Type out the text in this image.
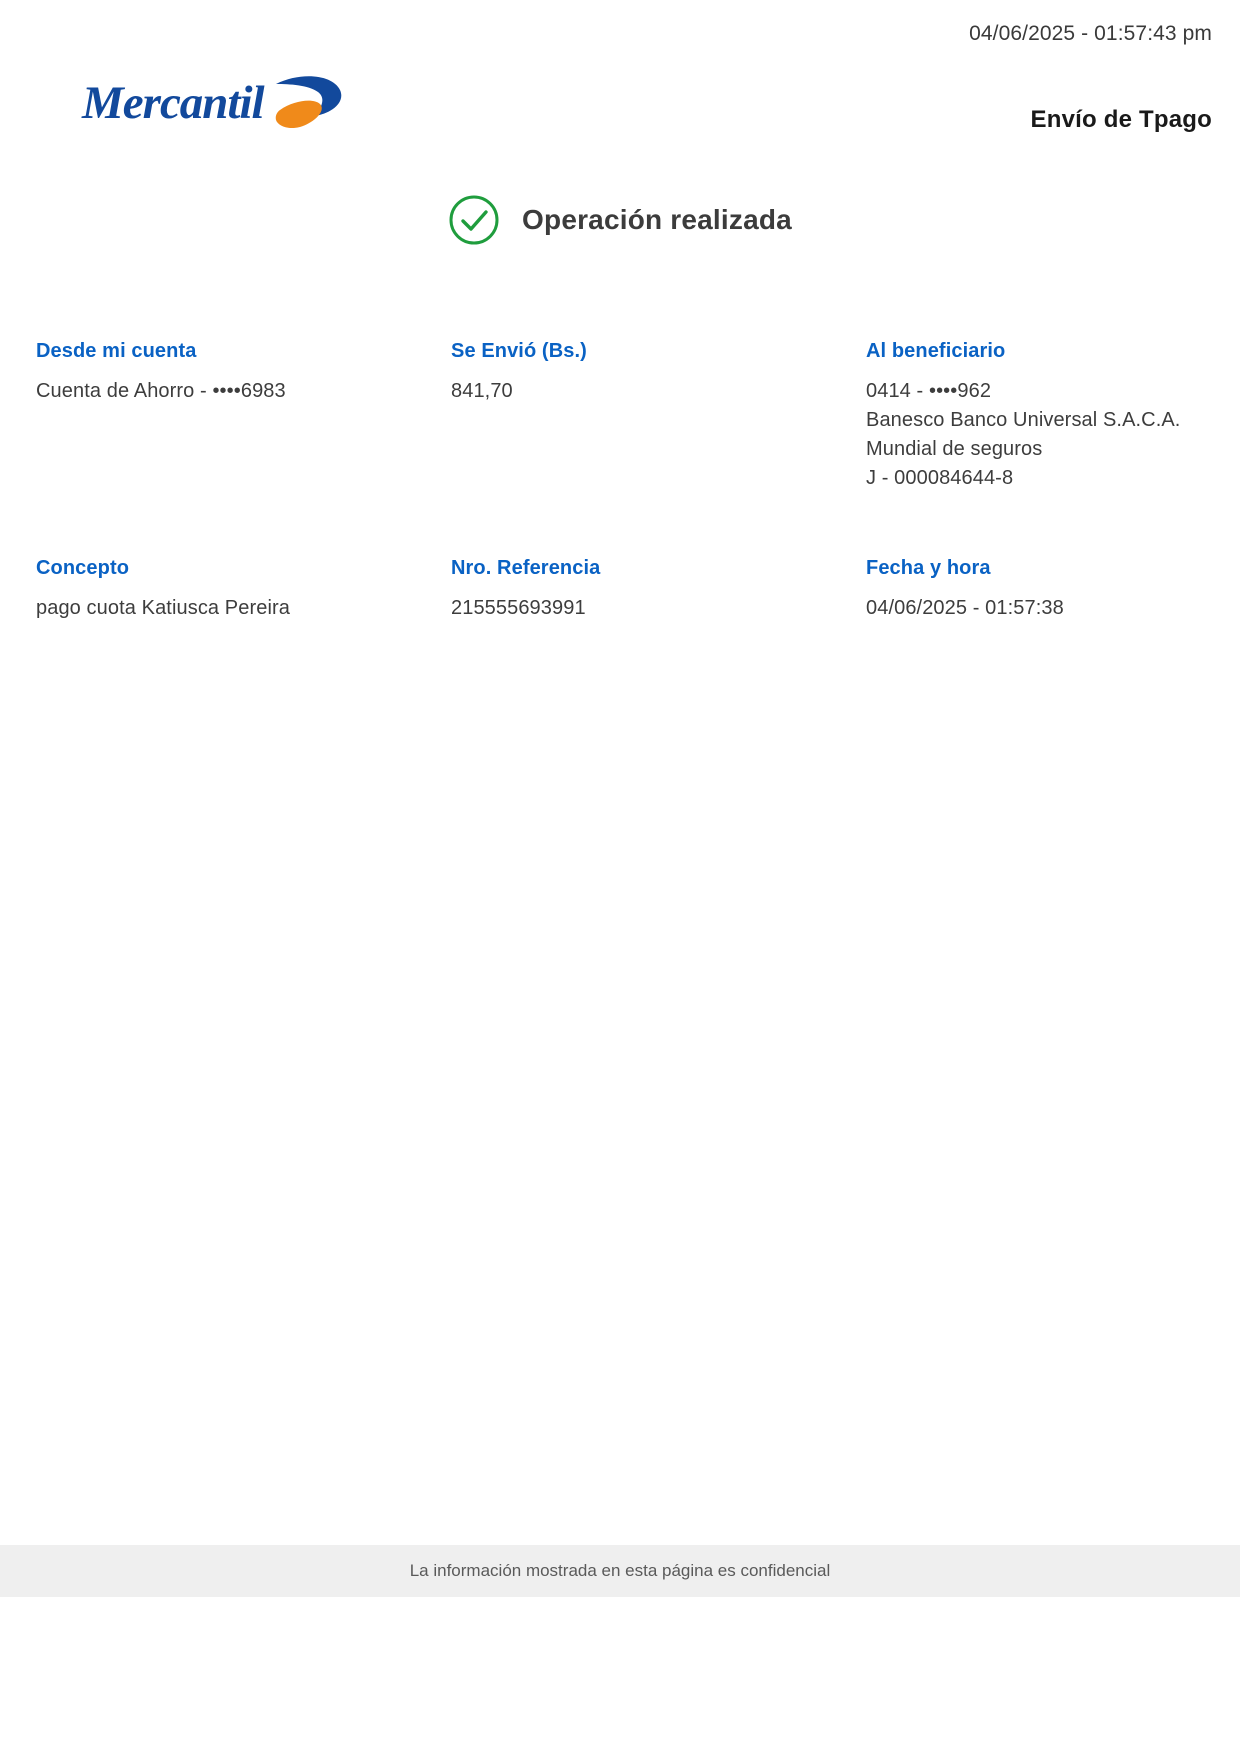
04/06/2025 - 01:57:43 pm
Mercantil	Envío de Tpago
Operación realizada
Desde mi cuenta
Cuenta de Ahorro - ••••6983
Se Envió (Bs.)
841,70
Al beneficiario
0414 - ••••962
Banesco Banco Universal S.A.C.A.
Mundial de seguros
J - 000084644-8
Concepto
pago cuota Katiusca Pereira
Nro. Referencia
215555693991
Fecha y hora
04/06/2025 - 01:57:38
La información mostrada en esta página es confidencial
